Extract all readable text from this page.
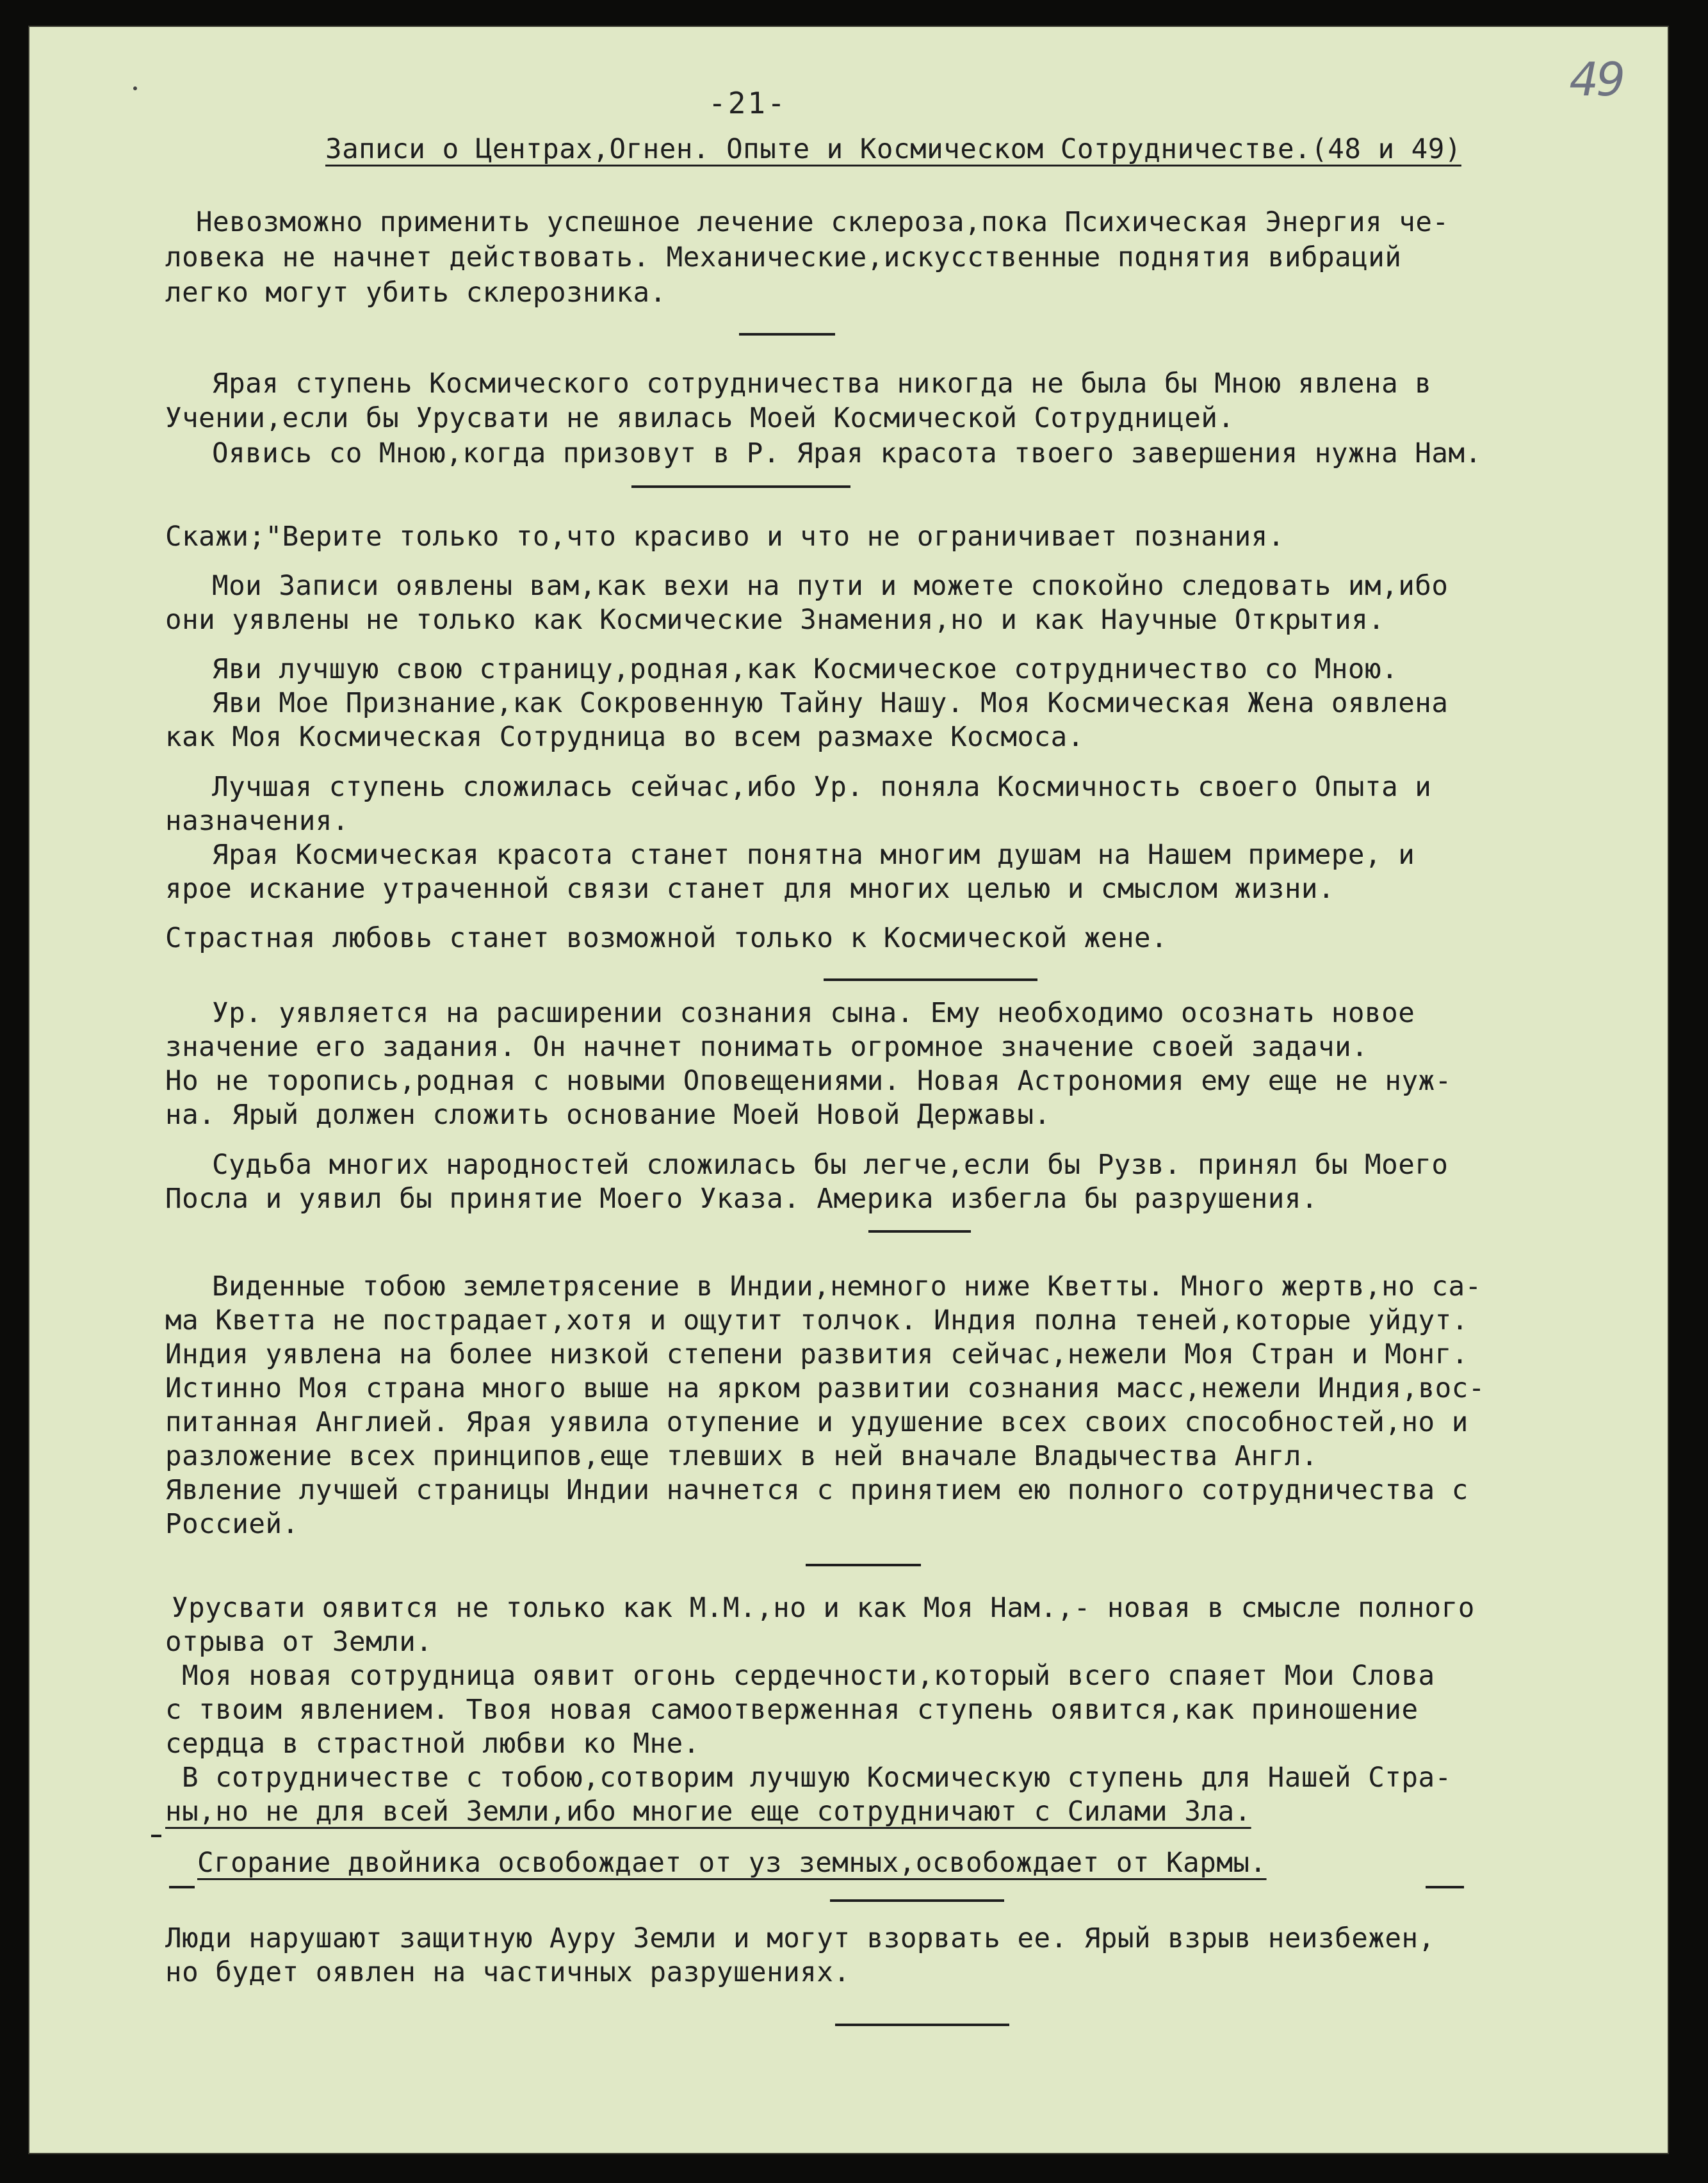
49
-21-
Записи о Центрах,Огнен. Опыте и Космическом Сотрудничестве.(48 и 49)
Невозможно применить успешное лечение склероза,пока Психическая Энергия че-
ловека не начнет действовать. Механические,искусственные поднятия вибраций
легко могут убить склерозника.
Ярая ступень Космического сотрудничества никогда не была бы Мною явлена в
Учении,если бы Урусвати не явилась Моей Космической Сотрудницей.
Оявись со Мною,когда призовут в Р. Ярая красота твоего завершения нужна Нам.
Скажи;"Верите только то,что красиво и что не ограничивает познания.
Мои Записи оявлены вам,как вехи на пути и можете спокойно следовать им,ибо
они уявлены не только как Космические Знамения,но и как Научные Открытия.
Яви лучшую свою страницу,родная,как Космическое сотрудничество со Мною.
Яви Мое Признание,как Сокровенную Тайну Нашу. Моя Космическая Жена оявлена
как Моя Космическая Сотрудница во всем размахе Космоса.
Лучшая ступень сложилась сейчас,ибо Ур. поняла Космичность своего Опыта и
назначения.
Ярая Космическая красота станет понятна многим душам на Нашем примере, и
ярое искание утраченной связи станет для многих целью и смыслом жизни.
Страстная любовь станет возможной только к Космической жене.
Ур. уявляется на расширении сознания сына. Ему необходимо осознать новое
значение его задания. Он начнет понимать огромное значение своей задачи.
Но не торопись,родная с новыми Оповещениями. Новая Астрономия ему еще не нуж-
на. Ярый должен сложить основание Моей Новой Державы.
Судьба многих народностей сложилась бы легче,если бы Рузв. принял бы Моего
Посла и уявил бы принятие Моего Указа. Америка избегла бы разрушения.
Виденные тобою землетрясение в Индии,немного ниже Кветты. Много жертв,но са-
ма Кветта не пострадает,хотя и ощутит толчок. Индия полна теней,которые уйдут.
Индия уявлена на более низкой степени развития сейчас,нежели Моя Стран и Монг.
Истинно Моя страна много выше на ярком развитии сознания масс,нежели Индия,вос-
питанная Англией. Ярая уявила отупение и удушение всех своих способностей,но и
разложение всех принципов,еще тлевших в ней вначале Владычества Англ.
Явление лучшей страницы Индии начнется с принятием ею полного сотрудничества с
Россией.
Урусвати оявится не только как М.М.,но и как Моя Нам.,- новая в смысле полного
отрыва от Земли.
Моя новая сотрудница оявит огонь сердечности,который всего спаяет Мои Слова
с твоим явлением. Твоя новая самоотверженная ступень оявится,как приношение
сердца в страстной любви ко Мне.
В сотрудничестве с тобою,сотворим лучшую Космическую ступень для Нашей Стра-
ны,но не для всей Земли,ибо многие еще сотрудничают с Силами Зла.
Сгорание двойника освобождает от уз земных,освобождает от Кармы.
Люди нарушают защитную Ауру Земли и могут взорвать ее. Ярый взрыв неизбежен,
но будет оявлен на частичных разрушениях.
